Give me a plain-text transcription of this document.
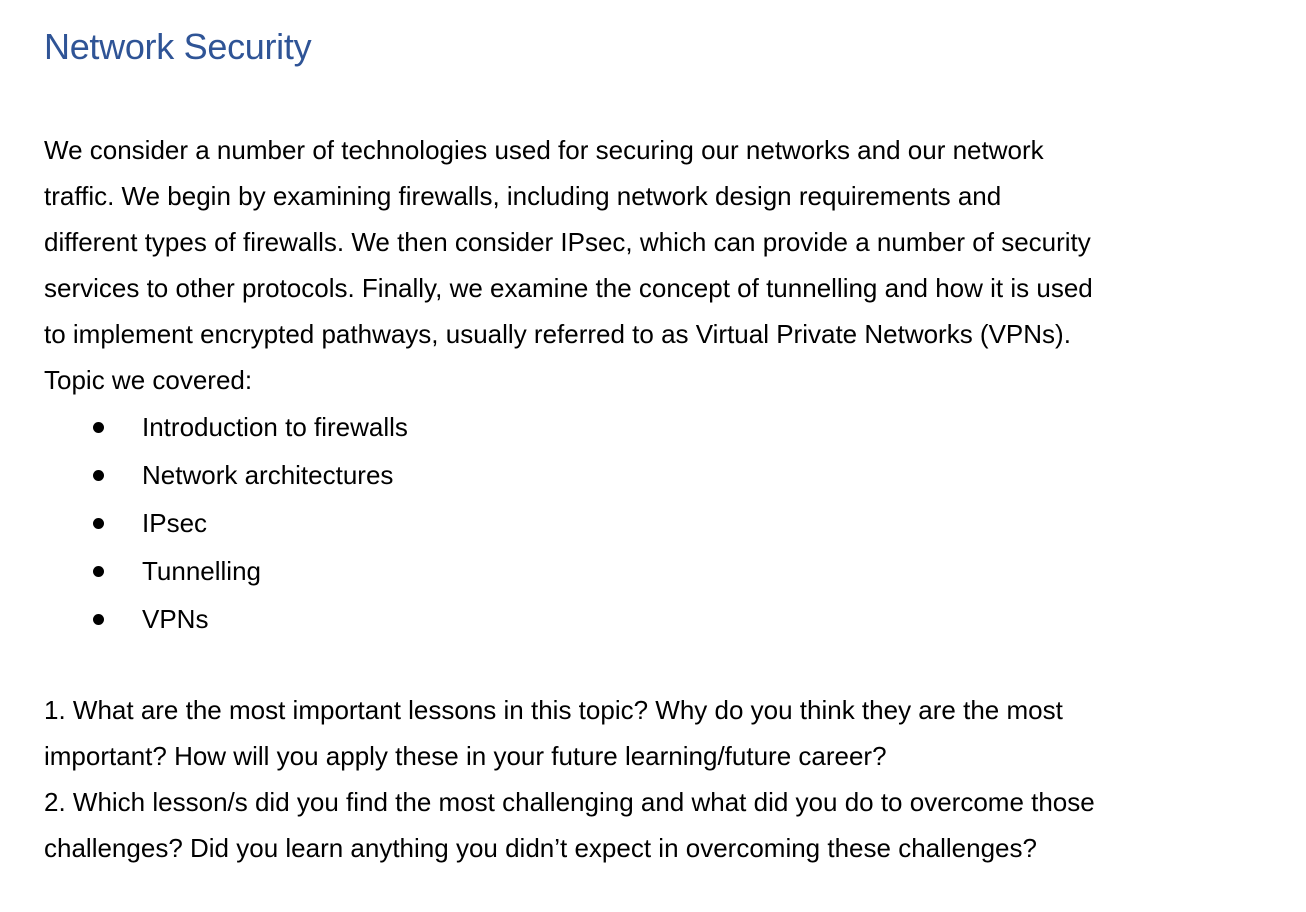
Network Security

We consider a number of technologies used for securing our networks and our network
traffic. We begin by examining firewalls, including network design requirements and
different types of firewalls. We then consider IPsec, which can provide a number of security
services to other protocols. Finally, we examine the concept of tunnelling and how it is used
to implement encrypted pathways, usually referred to as Virtual Private Networks (VPNs).
Topic we covered:

Introduction to firewalls
Network architectures
IPsec
Tunnelling
VPNs

1. What are the most important lessons in this topic? Why do you think they are the most
important? How will you apply these in your future learning/future career?
2. Which lesson/s did you find the most challenging and what did you do to overcome those
challenges? Did you learn anything you didn’t expect in overcoming these challenges?
